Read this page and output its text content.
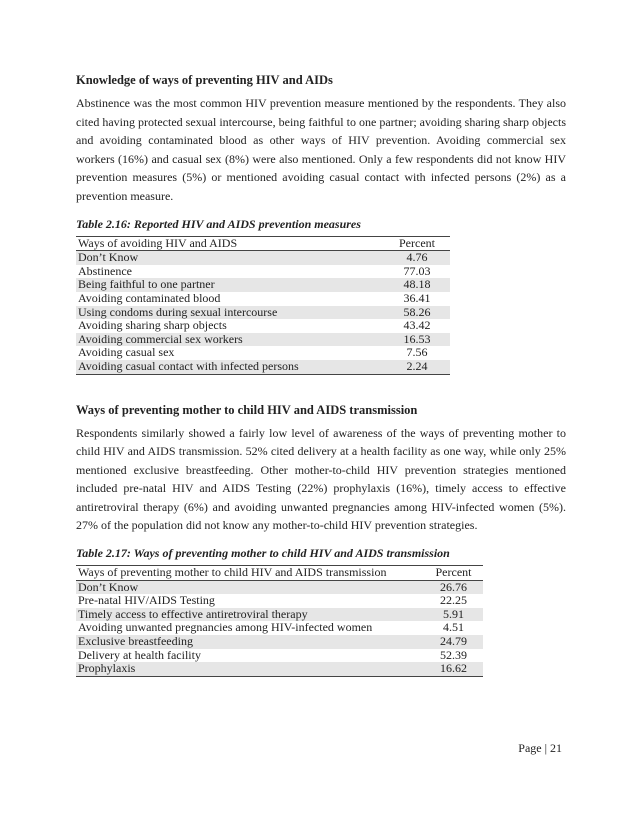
Knowledge of ways of preventing HIV and AIDs

Abstinence was the most common HIV prevention measure mentioned by the respondents. They also cited having protected sexual intercourse, being faithful to one partner; avoiding sharing sharp objects and avoiding contaminated blood as other ways of HIV prevention. Avoiding commercial sex workers (16%) and casual sex (8%) were also mentioned. Only a few respondents did not know HIV prevention measures (5%) or mentioned avoiding casual contact with infected persons (2%) as a prevention measure.

Table 2.16: Reported HIV and AIDS prevention measures
Ways of avoiding HIV and AIDS	Percent
Don’t Know	4.76
Abstinence	77.03
Being faithful to one partner	48.18
Avoiding contaminated blood	36.41
Using condoms during sexual intercourse	58.26
Avoiding sharing sharp objects	43.42
Avoiding commercial sex workers	16.53
Avoiding casual sex	7.56
Avoiding casual contact with infected persons	2.24
Ways of preventing mother to child HIV and AIDS transmission

Respondents similarly showed a fairly low level of awareness of the ways of preventing mother to child HIV and AIDS transmission. 52% cited delivery at a health facility as one way, while only 25% mentioned exclusive breastfeeding. Other mother-to-child HIV prevention strategies mentioned included pre-natal HIV and AIDS Testing (22%) prophylaxis (16%), timely access to effective antiretroviral therapy (6%) and avoiding unwanted pregnancies among HIV-infected women (5%). 27% of the population did not know any mother-to-child HIV prevention strategies.

Table 2.17: Ways of preventing mother to child HIV and AIDS transmission
Ways of preventing mother to child HIV and AIDS transmission	Percent
Don’t Know	26.76
Pre-natal HIV/AIDS Testing	22.25
Timely access to effective antiretroviral therapy	5.91
Avoiding unwanted pregnancies among HIV-infected women	4.51
Exclusive breastfeeding	24.79
Delivery at health facility	52.39
Prophylaxis	16.62
Page | 21
